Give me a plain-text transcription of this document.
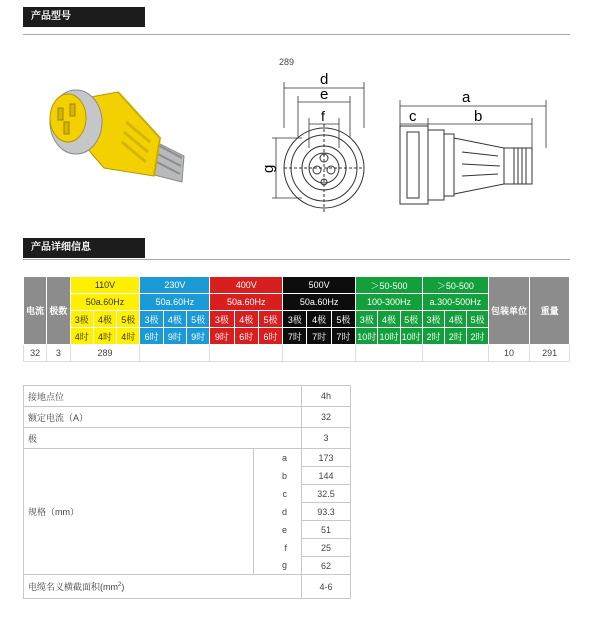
产品型号
289
d
e
f
g
a
c	b
产品详细信息
电流	极数	110V			230V			400V			500V			＞50-500			＞50-500			包装单位	重量
		50a.60Hz			50a.60Hz			50a.60Hz			50a.60Hz			100-300Hz			a.300-500Hz				
		3极	4极	5极	3极	4极	5极	3极	4极	5极	3极	4极	5极	3极	4极	5极	3极	4极	5极		
		4时	4时	4时	6时	9时	9时	9时	6时	6时	7时	7时	7时	10时	10时	10时	2时	2时	2时		
32	3	289																		10	291
接地点位		4h
额定电流（A）		32
极		3
规格（mm）	a	173
	b	144
	c	32.5
	d	93.3
	e	51
	f	25
	g	62
电缆名义横截面积$(mm^2)$		4-6
